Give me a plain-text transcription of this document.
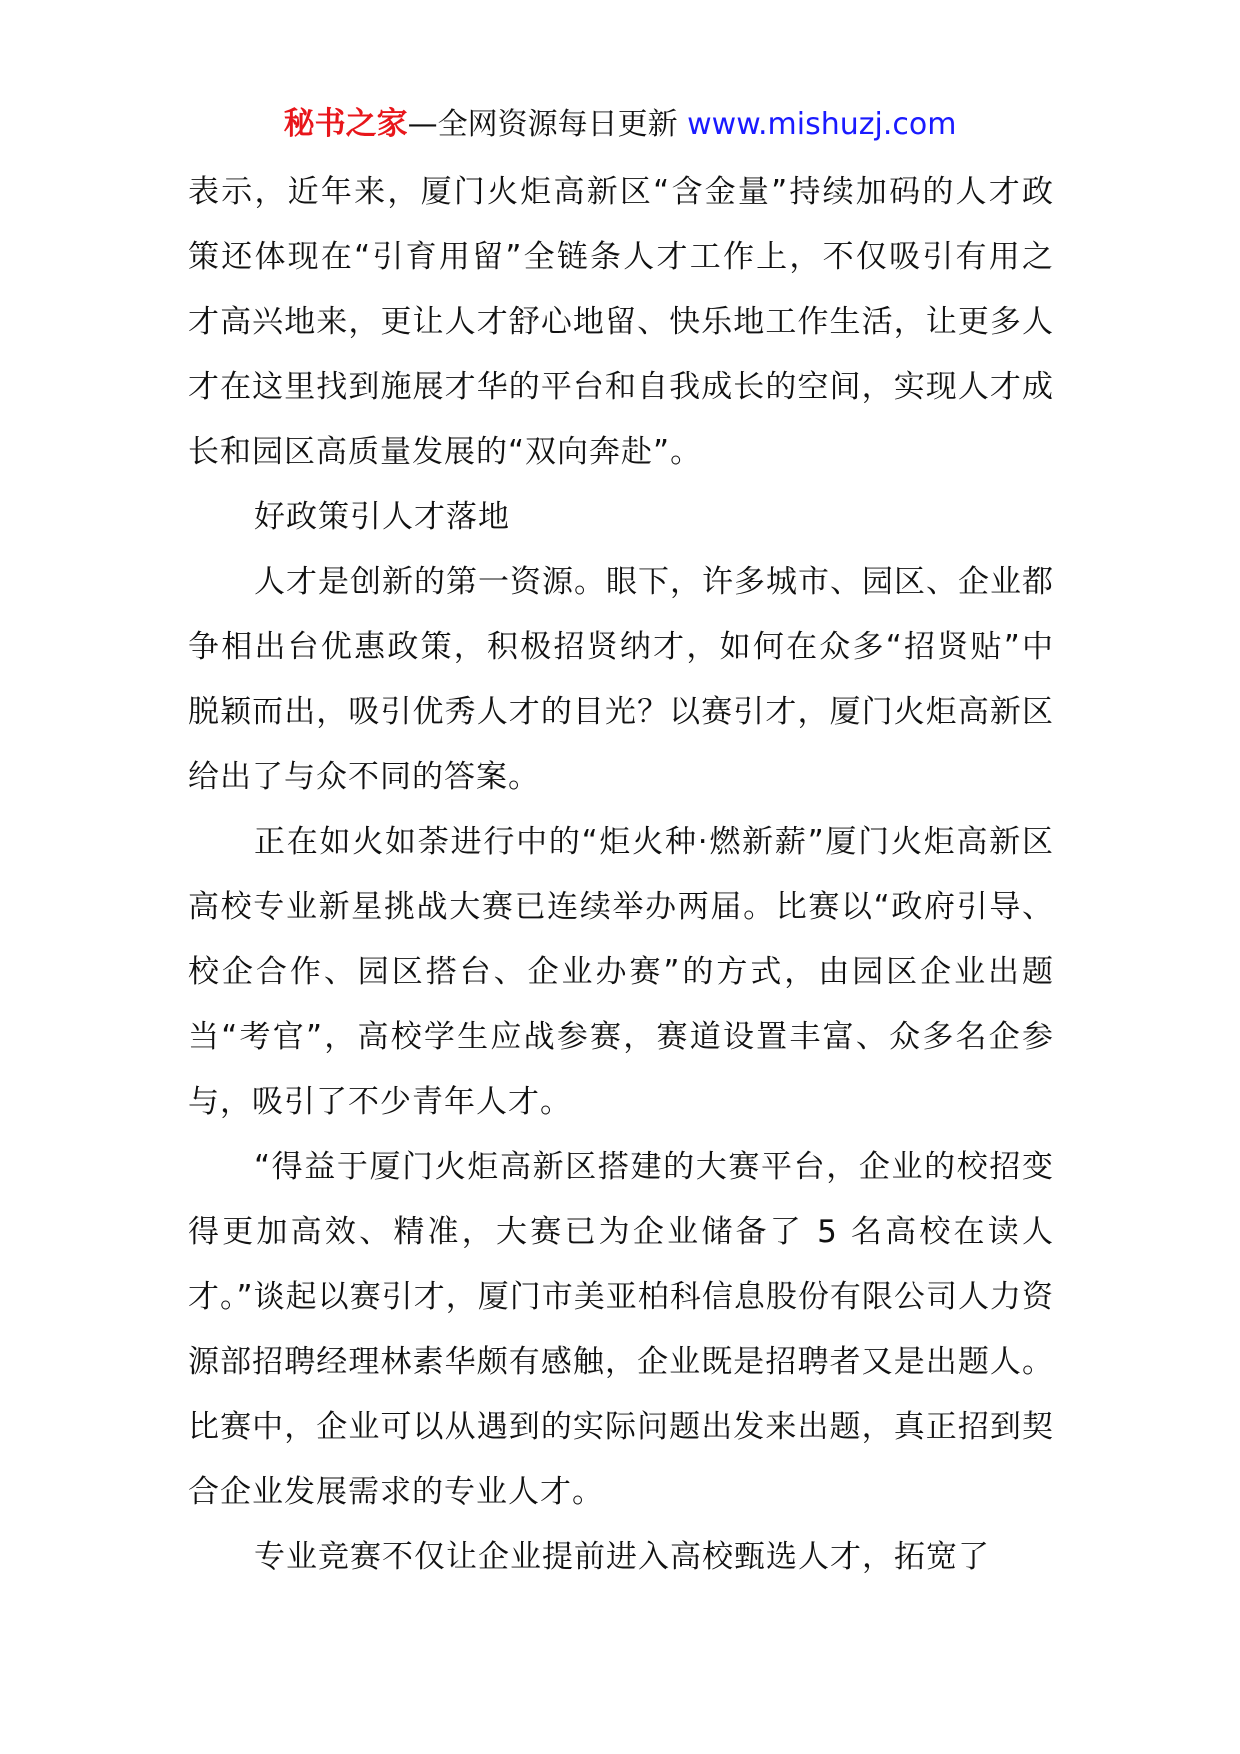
秘书之家—全网资源每日更新 www.mishuzj.com

表示，近年来，厦门火炬高新区“含金量”持续加码的人才政策还体现在“引育用留”全链条人才工作上，不仅吸引有用之才高兴地来，更让人才舒心地留、快乐地工作生活，让更多人才在这里找到施展才华的平台和自我成长的空间，实现人才成长和园区高质量发展的“双向奔赴”。

好政策引人才落地

人才是创新的第一资源。眼下，许多城市、园区、企业都争相出台优惠政策，积极招贤纳才，如何在众多“招贤贴”中脱颖而出，吸引优秀人才的目光？以赛引才，厦门火炬高新区给出了与众不同的答案。

正在如火如荼进行中的“炬火种·燃新薪”厦门火炬高新区高校专业新星挑战大赛已连续举办两届。比赛以“政府引导、校企合作、园区搭台、企业办赛”的方式，由园区企业出题当“考官”，高校学生应战参赛，赛道设置丰富、众多名企参与，吸引了不少青年人才。

“得益于厦门火炬高新区搭建的大赛平台，企业的校招变得更加高效、精准，大赛已为企业储备了 5 名高校在读人才。”谈起以赛引才，厦门市美亚柏科信息股份有限公司人力资源部招聘经理林素华颇有感触，企业既是招聘者又是出题人。比赛中，企业可以从遇到的实际问题出发来出题，真正招到契合企业发展需求的专业人才。

专业竞赛不仅让企业提前进入高校甄选人才，拓宽了
